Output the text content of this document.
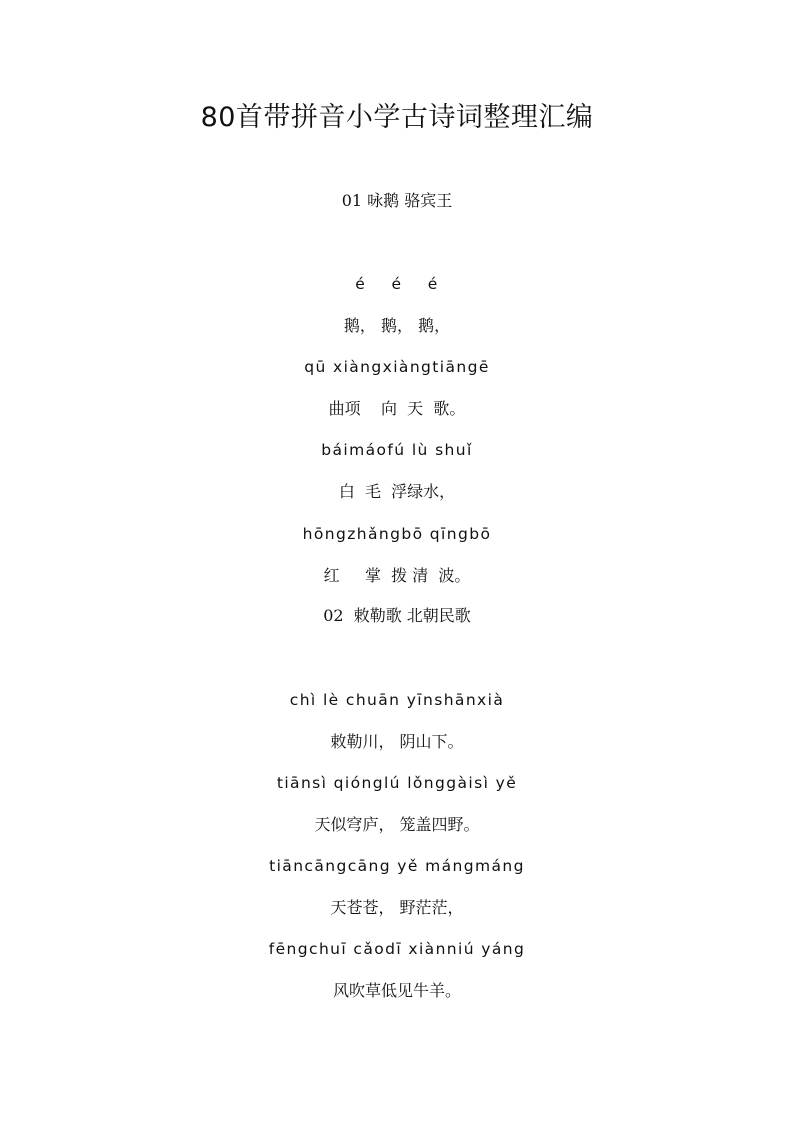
80首带拼音小学古诗词整理汇编
01 咏鹅 骆宾王
é    é    é
鹅， 鹅， 鹅，
qū xiàngxiàngtiāngē
曲项    向  天  歌。
báimáofú lù shuǐ
白  毛  浮绿水，
hōngzhǎngbō qīngbō
红     掌  拨 清  波。
02  敕勒歌 北朝民歌
chì lè chuān yīnshānxià
敕勒川， 阴山下。
tiānsì qiónglú lǒnggàisì yě
天似穹庐， 笼盖四野。
tiāncāngcāng yě mángmáng
天苍苍， 野茫茫，
fēngchuī cǎodī xiànniú yáng
风吹草低见牛羊。
